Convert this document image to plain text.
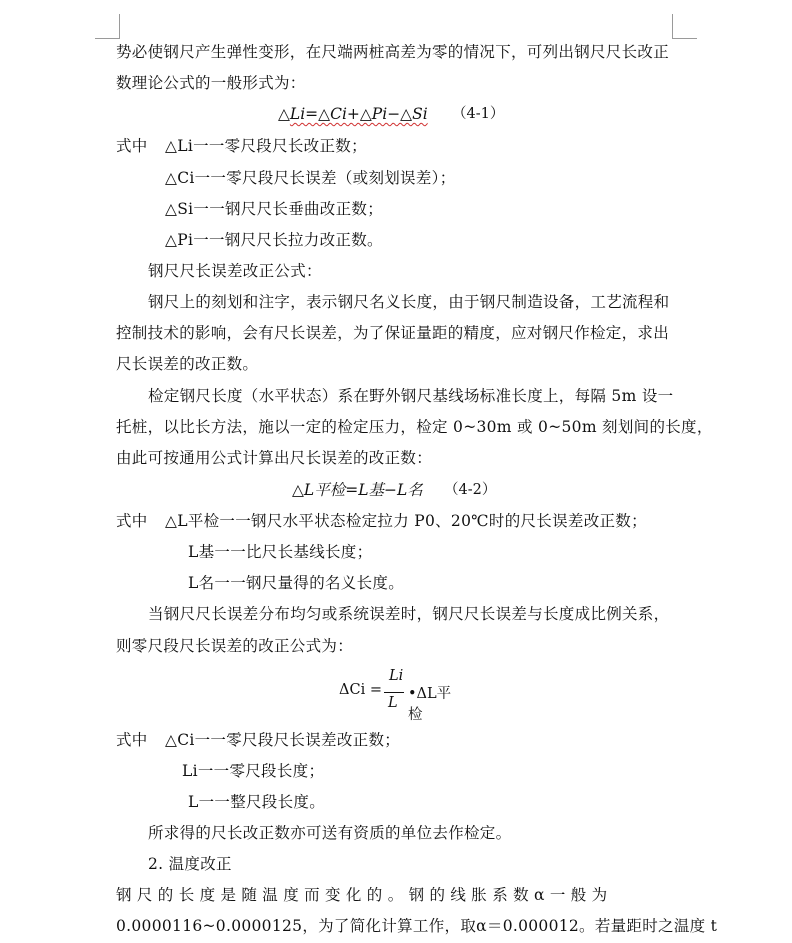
势必使钢尺产生弹性变形，在尺端两桩高差为零的情况下，可列出钢尺尺长改正
数理论公式的一般形式为：
△Li=△Ci+△Pi−△Si （4-1）
式中 △Li一一零尺段尺长改正数；
△Ci一一零尺段尺长误差（或刻划误差）；
△Si一一钢尺尺长垂曲改正数；
△Pi一一钢尺尺长拉力改正数。
钢尺尺长误差改正公式：
钢尺上的刻划和注字，表示钢尺名义长度，由于钢尺制造设备，工艺流程和
控制技术的影响，会有尺长误差，为了保证量距的精度，应对钢尺作检定，求出
尺长误差的改正数。
检定钢尺长度（水平状态）系在野外钢尺基线场标准长度上，每隔 5m 设一
托桩，以比长方法，施以一定的检定压力，检定 0~30m 或 0~50m 刻划间的长度，
由此可按通用公式计算出尺长误差的改正数：
△L平检=L基−L名 （4-2）
式中 △L平检一一钢尺水平状态检定拉力 P0、20℃时的尺长误差改正数；
L基一一比尺长基线长度；
L名一一钢尺量得的名义长度。
当钢尺尺长误差分布均匀或系统误差时，钢尺尺长误差与长度成比例关系，
则零尺段尺长误差的改正公式为：
ΔCi =
Li
L
•ΔL平检
式中 △Ci一一零尺段尺长误差改正数；
Li一一零尺段长度；
L一一整尺段长度。
所求得的尺长改正数亦可送有资质的单位去作检定。
2. 温度改正
钢尺的长度是随温度而变化的。钢的线胀系数α一般为
0.0000116~0.0000125，为了简化计算工作，取α＝0.000012。若量距时之温度 t
